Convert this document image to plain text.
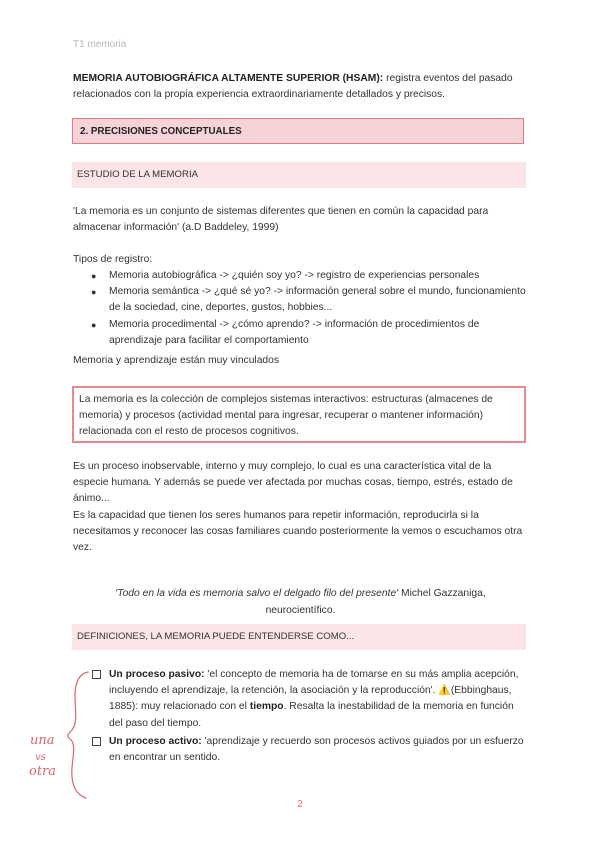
T1 memoria

MEMORIA AUTOBIOGRÁFICA ALTAMENTE SUPERIOR (HSAM): registra eventos del pasado relacionados con la propia experiencia extraordinariamente detallados y precisos.

2. PRECISIONES CONCEPTUALES
ESTUDIO DE LA MEMORIA

'La memoria es un conjunto de sistemas diferentes que tienen en común la capacidad para almacenar información' (a.D Baddeley, 1999)

Tipos de registro:

● Memoria autobiográfica -> ¿quién soy yo? -> registro de experiencias personales
● Memoria semántica -> ¿qué sé yo? -> información general sobre el mundo, funcionamiento de la sociedad, cine, deportes, gustos, hobbies...
● Memoria procedimental -> ¿cómo aprendo? -> información de procedimientos de aprendizaje para facilitar el comportamiento

Memoria y aprendizaje están muy vinculados

La memoria es la colección de complejos sistemas interactivos: estructuras (almacenes de memoria) y procesos (actividad mental para ingresar, recuperar o mantener información) relacionada con el resto de procesos cognitivos.

Es un proceso inobservable, interno y muy complejo, lo cual es una característica vital de la especie humana. Y además se puede ver afectada por muchas cosas, tiempo, estrés, estado de ánimo...

Es la capacidad que tienen los seres humanos para repetir información, reproducirla si la necesitamos y reconocer las cosas familiares cuando posteriormente la vemos o escuchamos otra vez.

'Todo en la vida es memoria salvo el delgado filo del presente' Michel Gazzaniga,
neurocientífico.

DEFINICIONES, LA MEMORIA PUEDE ENTENDERSE COMO...
Un proceso pasivo: 'el concepto de memoria ha de tomarse en su más amplia acepción, incluyendo el aprendizaje, la retención, la asociación y la reproducción'. ⚠️(Ebbinghaus, 1885): muy relacionado con el tiempo. Resalta la inestabilidad de la memoria en función del paso del tiempo.
Un proceso activo: 'aprendizaje y recuerdo son procesos activos guiados por un esfuerzo en encontrar un sentido.
una
vs
otra
2
